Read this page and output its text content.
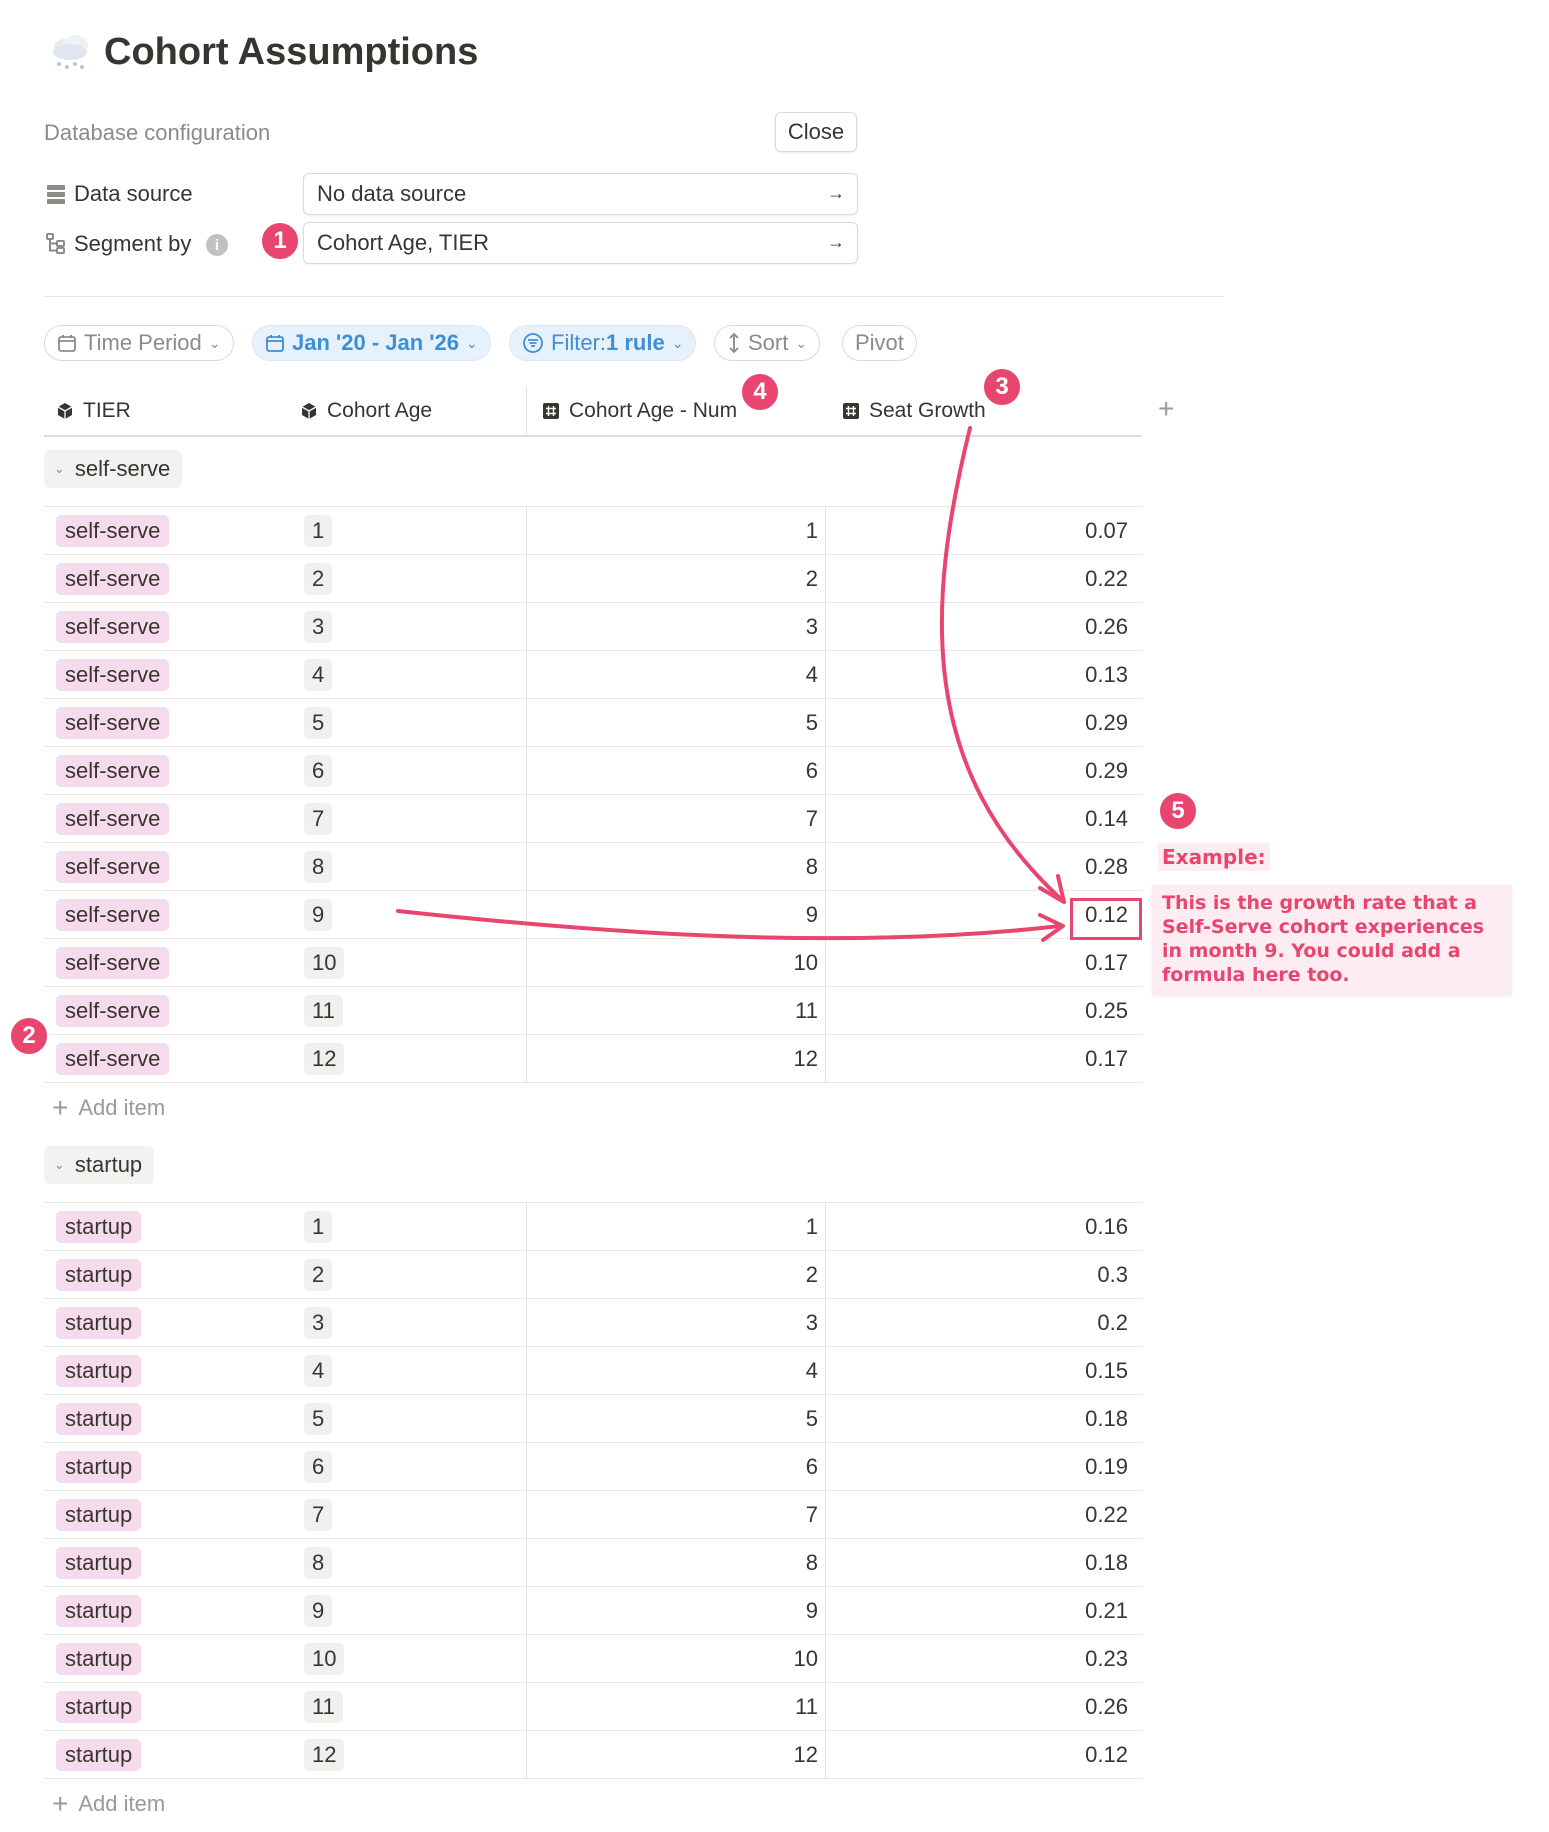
Cohort Assumptions
Database configuration	Close
Data source	No data source	→
Segment by	i	Cohort Age, TIER	→
Time Period ⌄	Jan '20 - Jan '26 ⌄	Filter: 1 rule ⌄	Sort ⌄ Pivot
TIER	Cohort Age	Cohort Age - Num	Seat Growth	+
⌄ self-serve
self-serve	1	1	0.07
self-serve	2	2	0.22
self-serve	3	3	0.26
self-serve	4	4	0.13
self-serve	5	5	0.29
self-serve	6	6	0.29
self-serve	7	7	0.14
self-serve	8	8	0.28
self-serve	9	9	0.12
self-serve	10	10	0.17
self-serve	11	11	0.25
self-serve	12	12	0.17
+ Add item
⌄ startup
startup	1	1	0.16
startup	2	2	0.3
startup	3	3	0.2
startup	4	4	0.15
startup	5	5	0.18
startup	6	6	0.19
startup	7	7	0.22
startup	8	8	0.18
startup	9	9	0.21
startup	10	10	0.23
startup	11	11	0.26
startup	12	12	0.12
+ Add item
1
2
3
4
5
Example:
This is the growth rate that a Self-Serve cohort experiences in month 9. You could add a formula here too.
